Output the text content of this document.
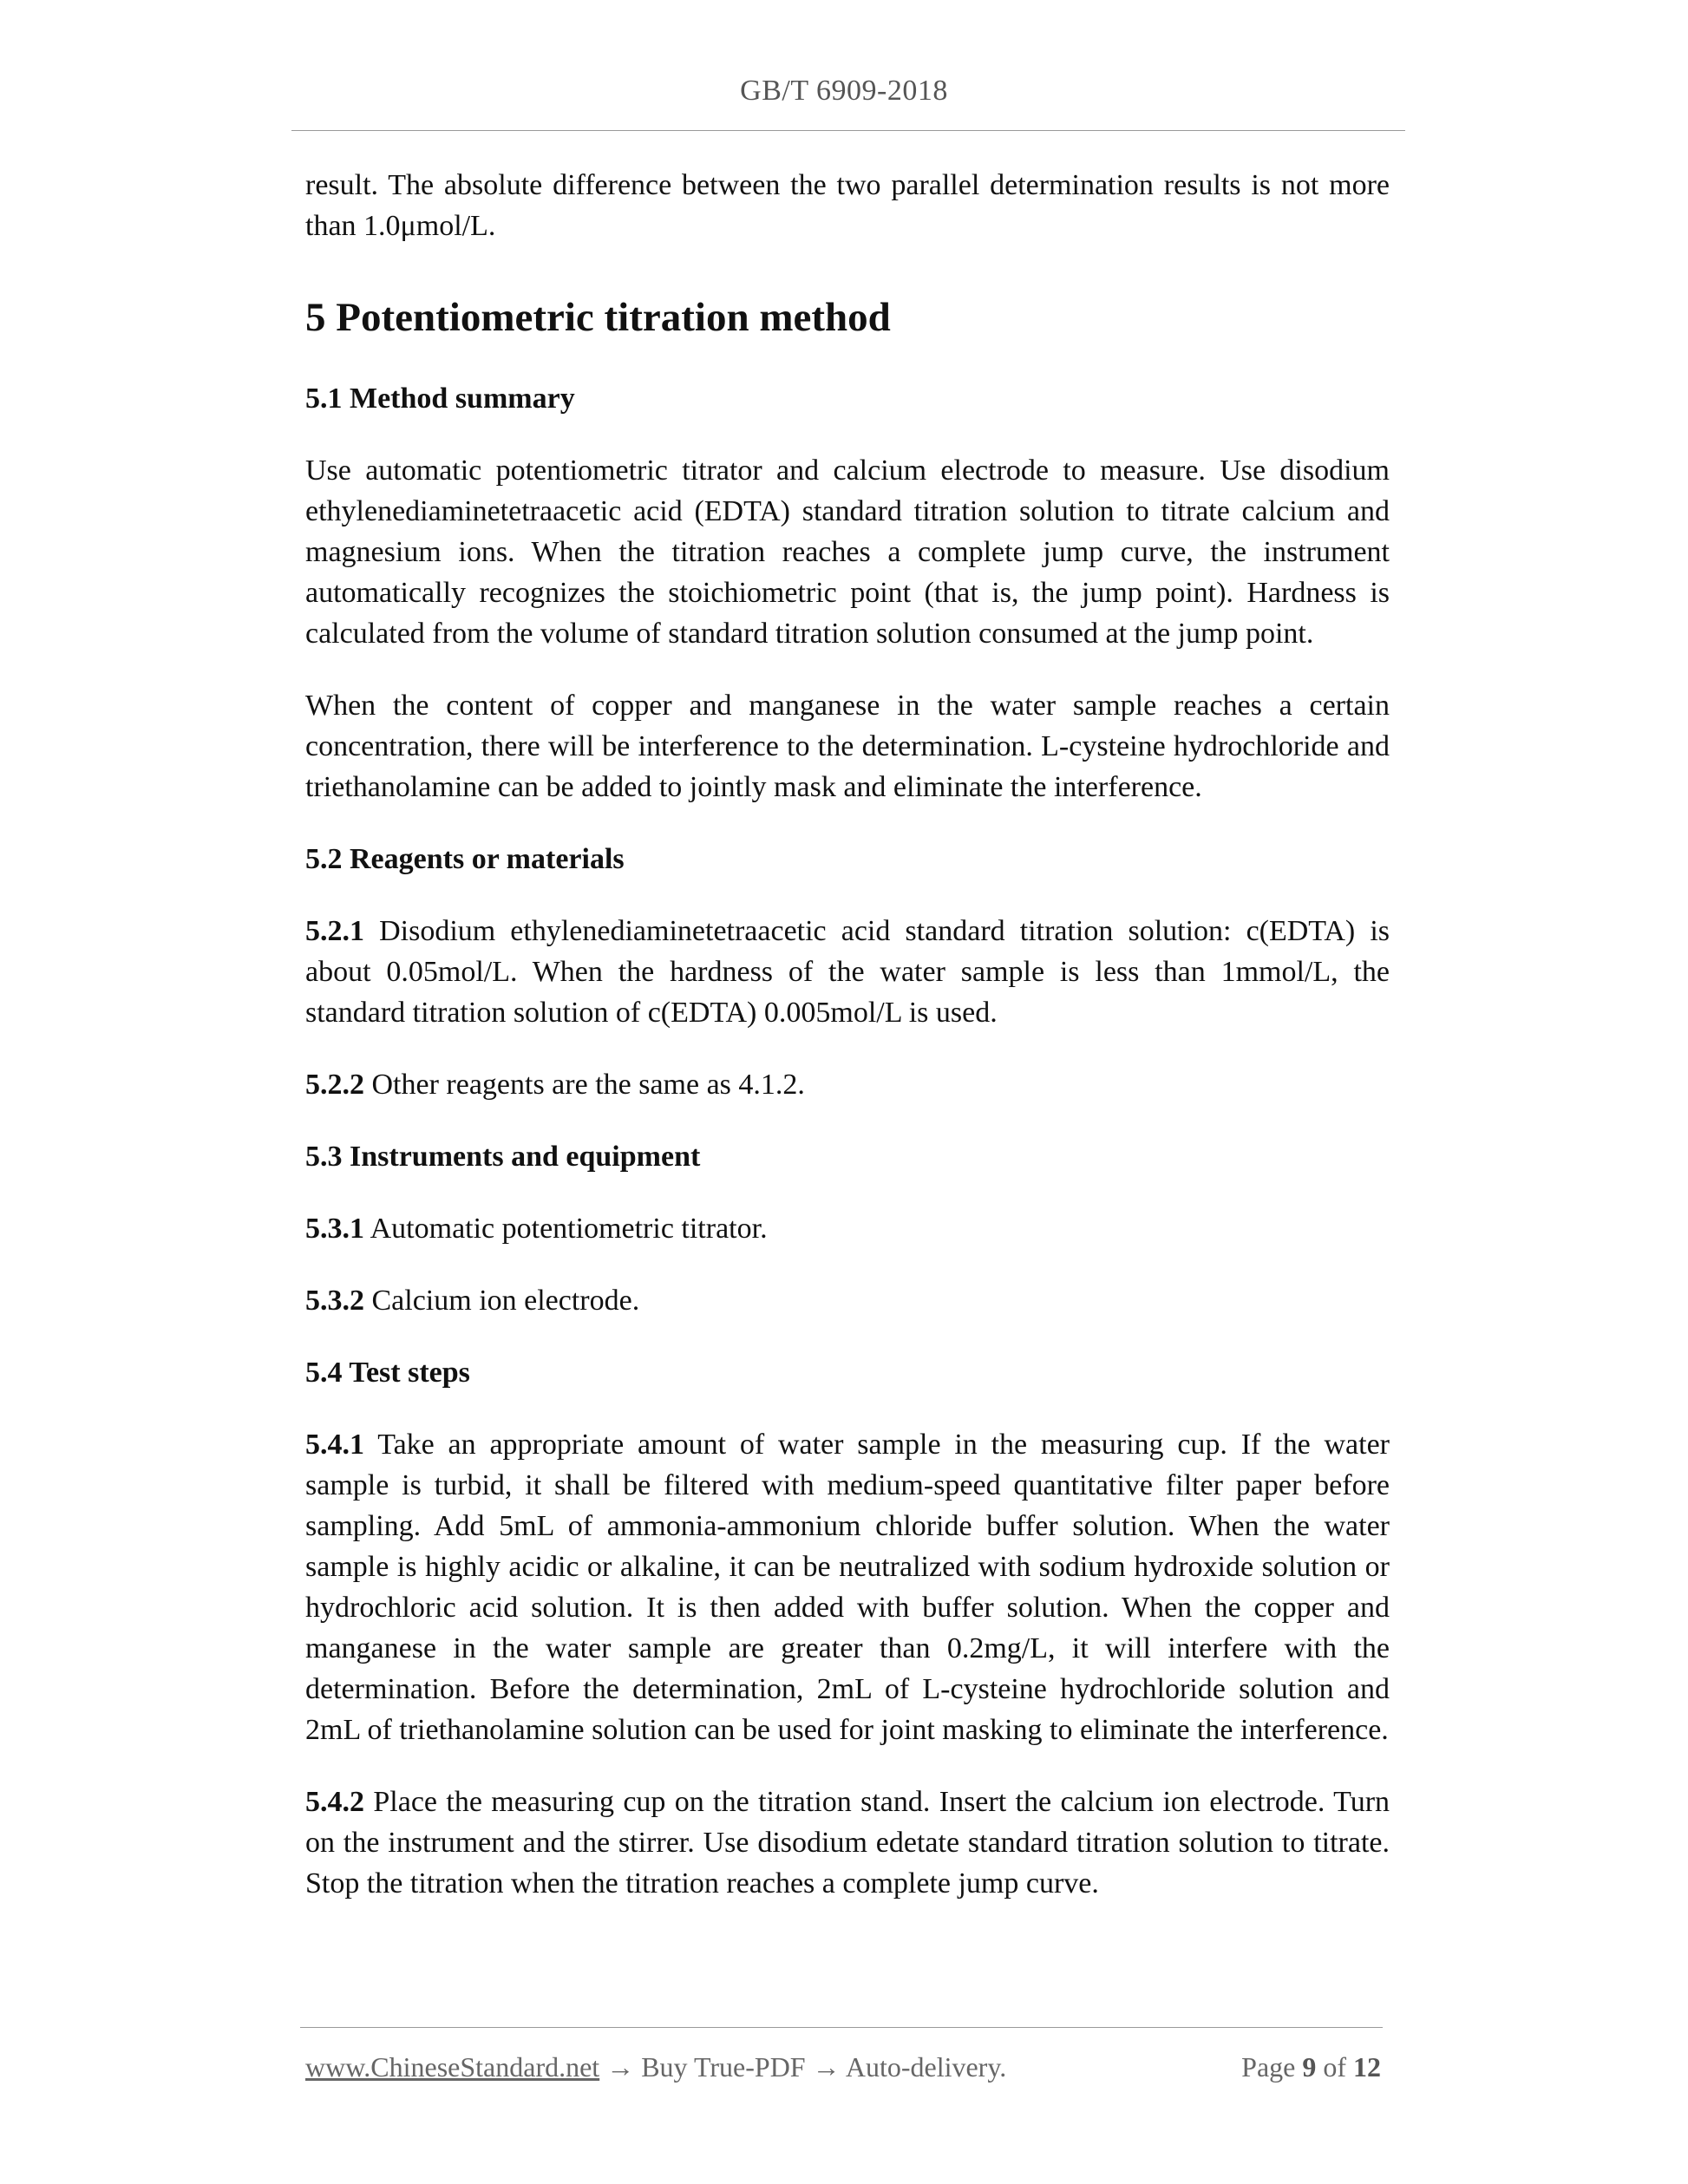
GB/T 6909-2018

result. The absolute difference between the two parallel determination results is not more than 1.0μmol/L.

5 Potentiometric titration method
5.1 Method summary

Use automatic potentiometric titrator and calcium electrode to measure. Use disodium ethylenediaminetetraacetic acid (EDTA) standard titration solution to titrate calcium and magnesium ions. When the titration reaches a complete jump curve, the instrument automatically recognizes the stoichiometric point (that is, the jump point). Hardness is calculated from the volume of standard titration solution consumed at the jump point.

When the content of copper and manganese in the water sample reaches a certain concentration, there will be interference to the determination. L-cysteine hydrochloride and triethanolamine can be added to jointly mask and eliminate the interference.

5.2 Reagents or materials

5.2.1 Disodium ethylenediaminetetraacetic acid standard titration solution: c(EDTA) is about 0.05mol/L. When the hardness of the water sample is less than 1mmol/L, the standard titration solution of c(EDTA) 0.005mol/L is used.

5.2.2 Other reagents are the same as 4.1.2.

5.3 Instruments and equipment

5.3.1 Automatic potentiometric titrator.

5.3.2 Calcium ion electrode.

5.4 Test steps

5.4.1 Take an appropriate amount of water sample in the measuring cup. If the water sample is turbid, it shall be filtered with medium-speed quantitative filter paper before sampling. Add 5mL of ammonia-ammonium chloride buffer solution. When the water sample is highly acidic or alkaline, it can be neutralized with sodium hydroxide solution or hydrochloric acid solution. It is then added with buffer solution. When the copper and manganese in the water sample are greater than 0.2mg/L, it will interfere with the determination. Before the determination, 2mL of L-cysteine hydrochloride solution and 2mL of triethanolamine solution can be used for joint masking to eliminate the interference.

5.4.2 Place the measuring cup on the titration stand. Insert the calcium ion electrode. Turn on the instrument and the stirrer. Use disodium edetate standard titration solution to titrate. Stop the titration when the titration reaches a complete jump curve.

www.ChineseStandard.net → Buy True-PDF → Auto-delivery.	Page 9 of 12
